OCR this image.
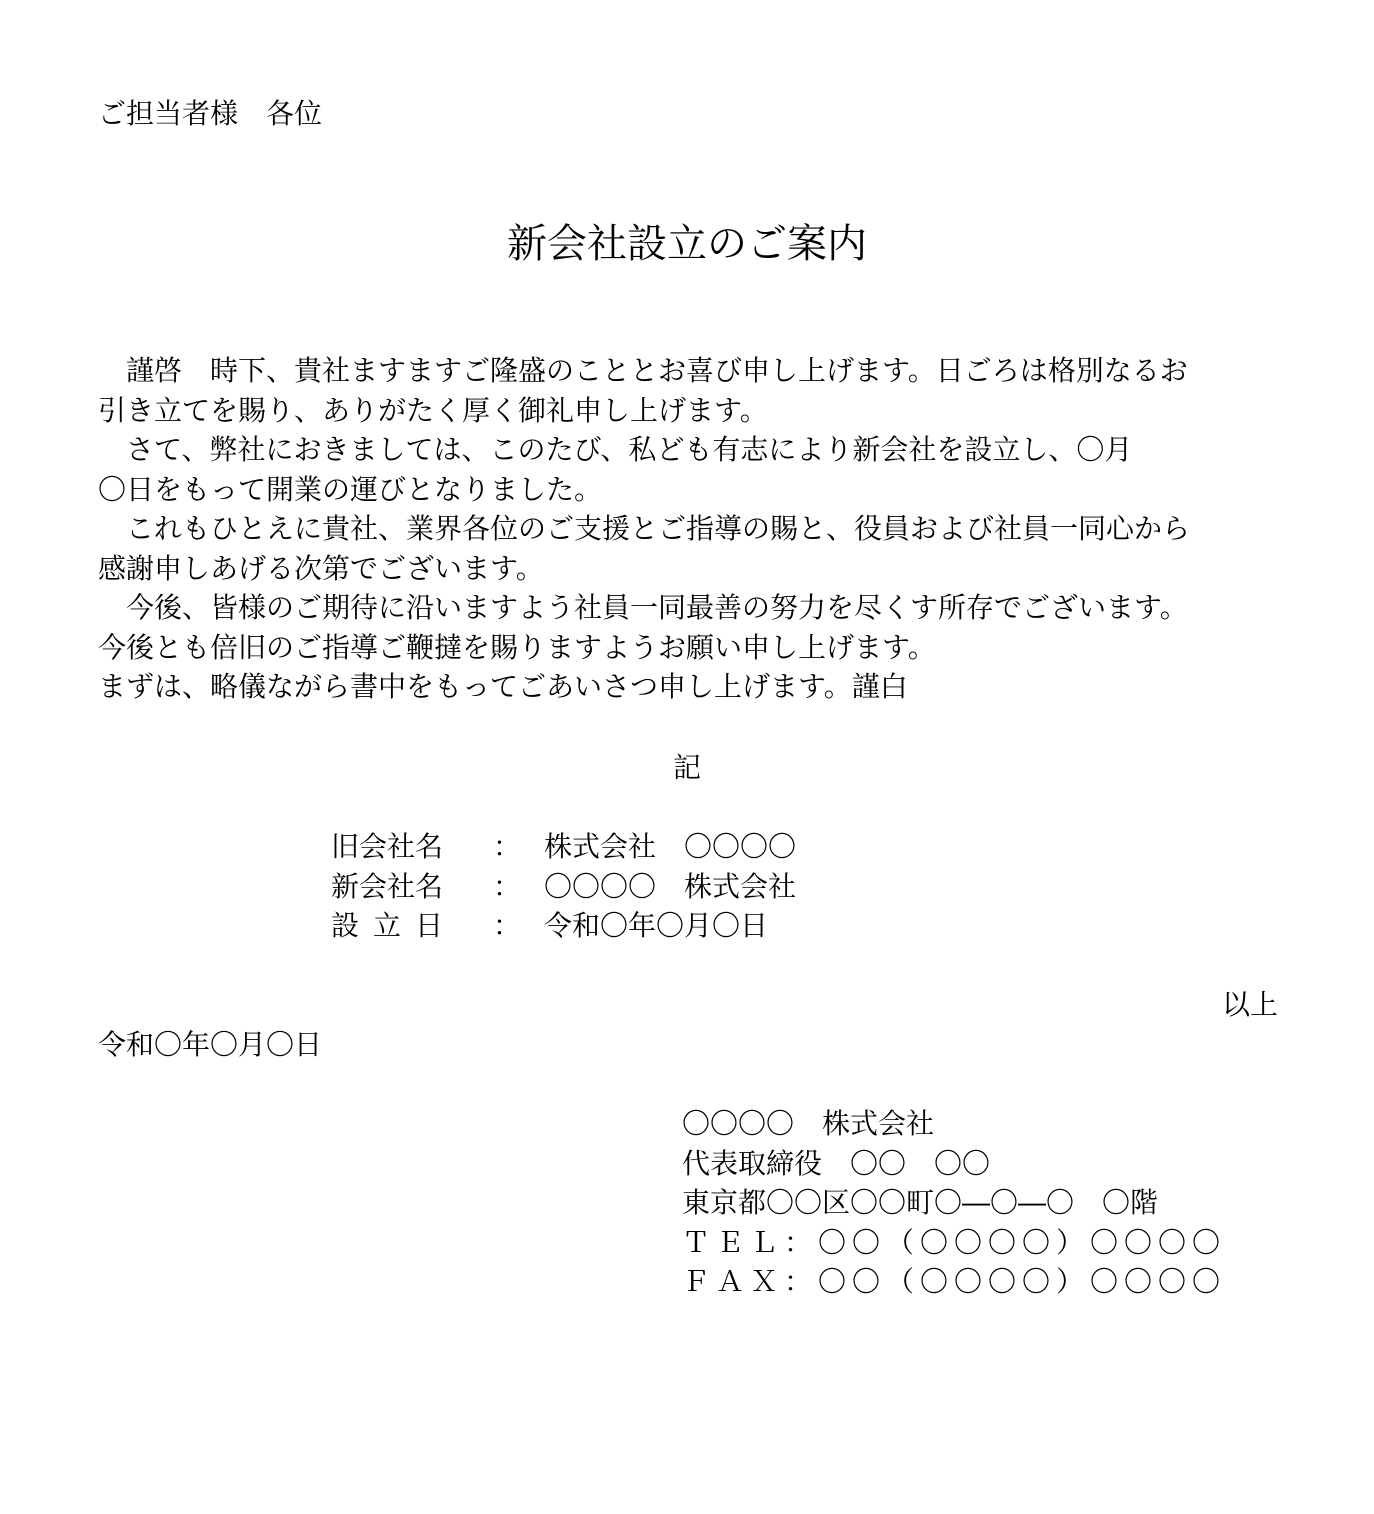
ご担当者様　各位
新会社設立のご案内
　謹啓　時下、貴社ますますご隆盛のこととお喜び申し上げます。日ごろは格別なるお
引き立てを賜り、ありがたく厚く御礼申し上げます。
　さて、弊社におきましては、このたび、私ども有志により新会社を設立し、〇月
〇日をもって開業の運びとなりました。
　これもひとえに貴社、業界各位のご支援とご指導の賜と、役員および社員一同心から
感謝申しあげる次第でございます。
　今後、皆様のご期待に沿いますよう社員一同最善の努力を尽くす所存でございます。
今後とも倍旧のご指導ご鞭撻を賜りますようお願い申し上げます。
まずは、略儀ながら書中をもってごあいさつ申し上げます。謹白
記
旧会社名 ： 株式会社　〇〇〇〇
新会社名 ： 〇〇〇〇　株式会社
設立日 ： 令和〇年〇月〇日
以上
令和〇年〇月〇日
〇〇〇〇　株式会社
代表取締役　〇〇　〇〇
東京都〇〇区〇〇町〇―〇―〇　〇階
ＴＥＬ：〇〇（〇〇〇〇）〇〇〇〇
ＦＡＸ：〇〇（〇〇〇〇）〇〇〇〇
